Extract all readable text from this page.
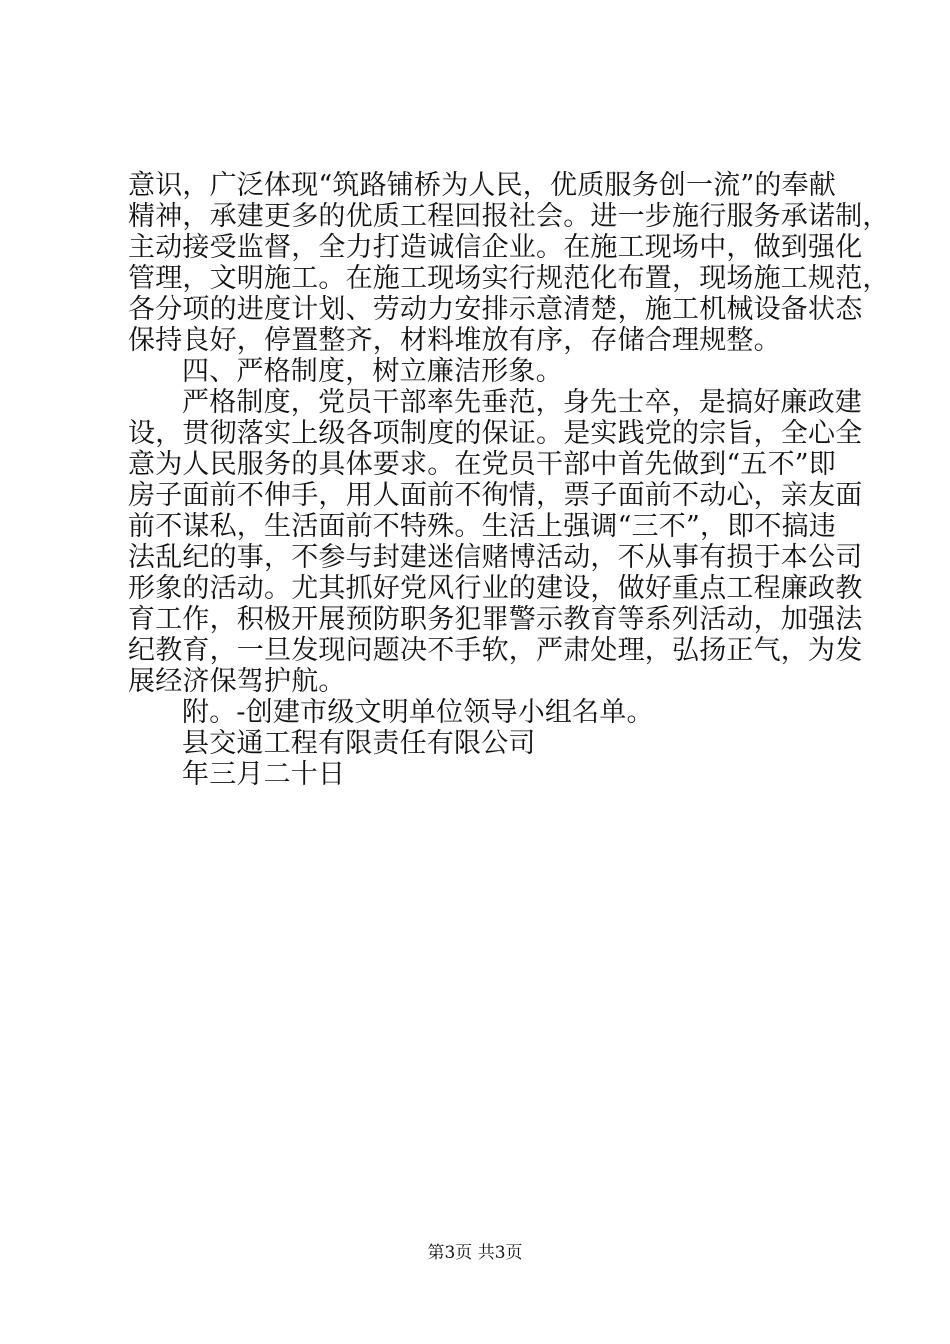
意识，广泛体现“筑路铺桥为人民，优质服务创一流”的奉献
精神，承建更多的优质工程回报社会。进一步施行服务承诺制，
主动接受监督，全力打造诚信企业。在施工现场中，做到强化
管理，文明施工。在施工现场实行规范化布置，现场施工规范，
各分项的进度计划、劳动力安排示意清楚，施工机械设备状态
保持良好，停置整齐，材料堆放有序，存储合理规整。
四、严格制度，树立廉洁形象。
严格制度，党员干部率先垂范，身先士卒，是搞好廉政建
设，贯彻落实上级各项制度的保证。是实践党的宗旨，全心全
意为人民服务的具体要求。在党员干部中首先做到“五不”即
房子面前不伸手，用人面前不徇情，票子面前不动心，亲友面
前不谋私，生活面前不特殊。生活上强调“三不”，即不搞违
法乱纪的事，不参与封建迷信赌博活动，不从事有损于本公司
形象的活动。尤其抓好党风行业的建设，做好重点工程廉政教
育工作，积极开展预防职务犯罪警示教育等系列活动，加强法
纪教育，一旦发现问题决不手软，严肃处理，弘扬正气，为发
展经济保驾护航。
附。-创建市级文明单位领导小组名单。
县交通工程有限责任有限公司
年三月二十日
第3页 共3页
